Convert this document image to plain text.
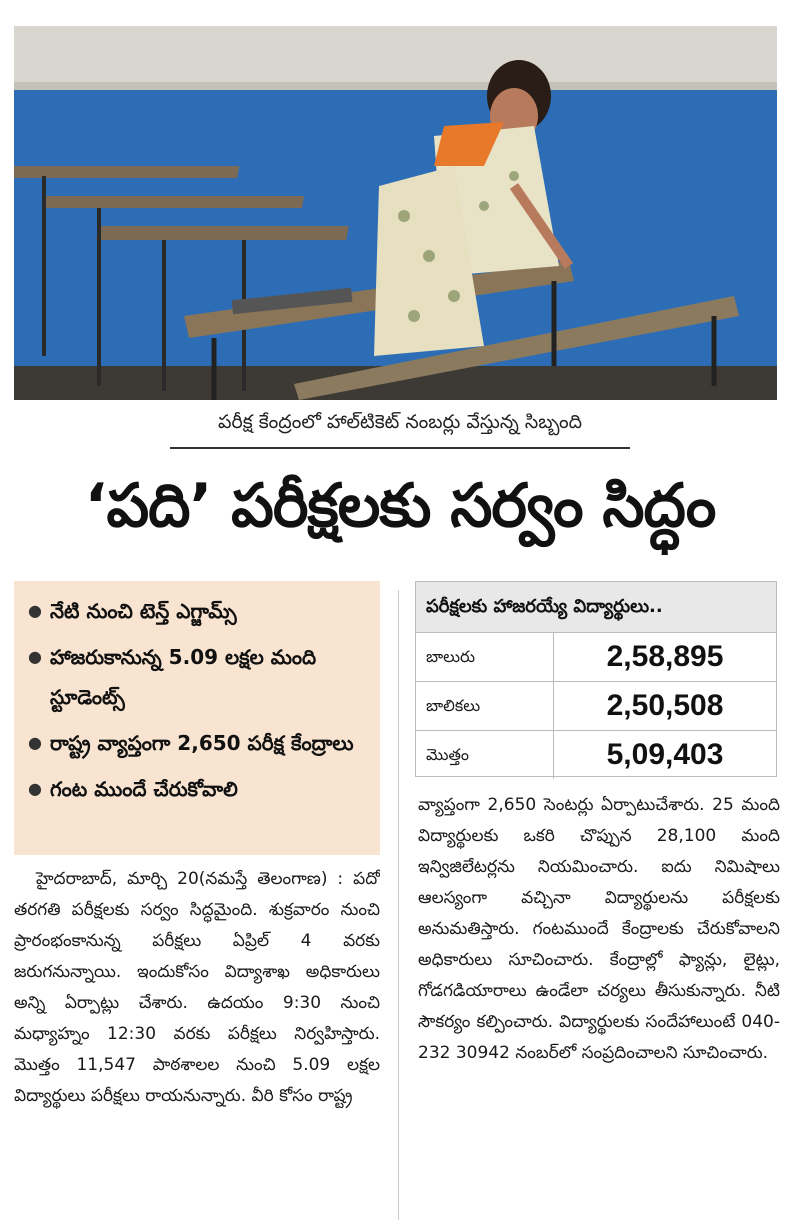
పరీక్ష కేంద్రంలో హాల్‌టికెట్ నంబర్లు వేస్తున్న సిబ్బంది
‘పది’ పరీక్షలకు సర్వం సిద్ధం
● నేటి నుంచి టెన్త్ ఎగ్జామ్స్
● హాజరుకానున్న 5.09 లక్షల మంది స్టూడెంట్స్
● రాష్ట్ర వ్యాప్తంగా 2,650 పరీక్ష కేంద్రాలు
● గంట ముందే చేరుకోవాలి
పరీక్షలకు హాజరయ్యే విద్యార్థులు..
బాలురు	2,58,895
బాలికలు	2,50,508
మొత్తం	5,09,403
హైదరాబాద్, మార్చి 20(నమస్తే తెలంగాణ) : పదో తరగతి పరీక్షలకు సర్వం సిద్ధమైంది. శుక్రవారం నుంచి ప్రారంభంకానున్న పరీక్షలు ఏప్రిల్ 4 వరకు జరుగనున్నాయి. ఇందుకోసం విద్యాశాఖ అధికారులు అన్ని ఏర్పాట్లు చేశారు. ఉదయం 9:30 నుంచి మధ్యాహ్నం 12:30 వరకు పరీక్షలు నిర్వహిస్తారు. మొత్తం 11,547 పాఠశాలల నుంచి 5.09 లక్షల విద్యార్థులు పరీక్షలు రాయనున్నారు. వీరి కోసం రాష్ట్ర
వ్యాప్తంగా 2,650 సెంటర్లు ఏర్పాటుచేశారు. 25 మంది విద్యార్థులకు ఒకరి చొప్పున 28,100 మంది ఇన్విజిలేటర్లను నియమించారు. ఐదు నిమిషాలు ఆలస్యంగా వచ్చినా విద్యార్థులను పరీక్షలకు అనుమతిస్తారు. గంటముందే కేంద్రాలకు చేరుకోవాలని అధికారులు సూచించారు. కేంద్రాల్లో ఫ్యాన్లు, లైట్లు, గోడగడియారాలు ఉండేలా చర్యలు తీసుకున్నారు. నీటి సౌకర్యం కల్పించారు. విద్యార్థులకు సందేహాలుంటే 040-232 30942 నంబర్‌లో సంప్రదించాలని సూచించారు.
